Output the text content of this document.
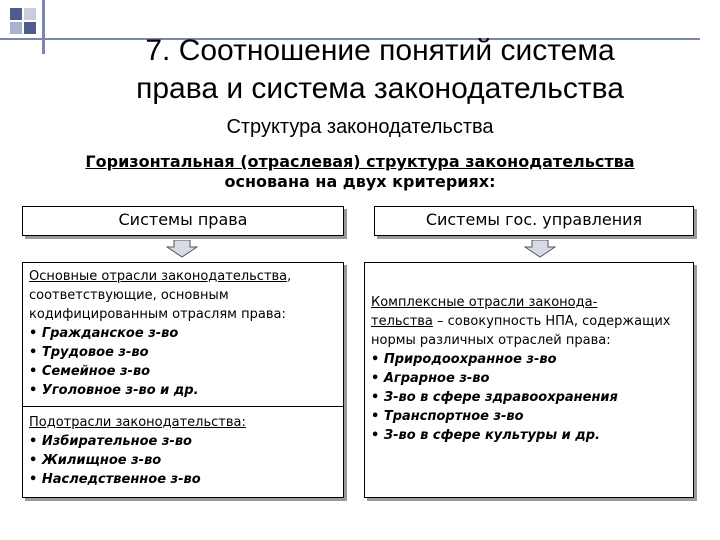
7. Соотношение понятий система
права и система законодательства
Структура законодательства
Горизонтальная (отраслевая) структура законодательства
основана на двух критериях:
Системы права	Системы гос. управления
Основные отрасли законодательства,
соответствующие, основным кодифицированным отраслям права:
• Гражданское з-во
• Трудовое з-во
• Семейное з-во
• Уголовное з-во и др.
Подотрасли законодательства:
• Избирательное з-во
• Жилищное з-во
• Наследственное з-во
Комплексные отрасли законода-
тельства – совокупность НПА, содержащих нормы различных отраслей права:
• Природоохранное з-во
• Аграрное з-во
• З-во в сфере здравоохранения
• Транспортное з-во
• З-во в сфере культуры и др.
